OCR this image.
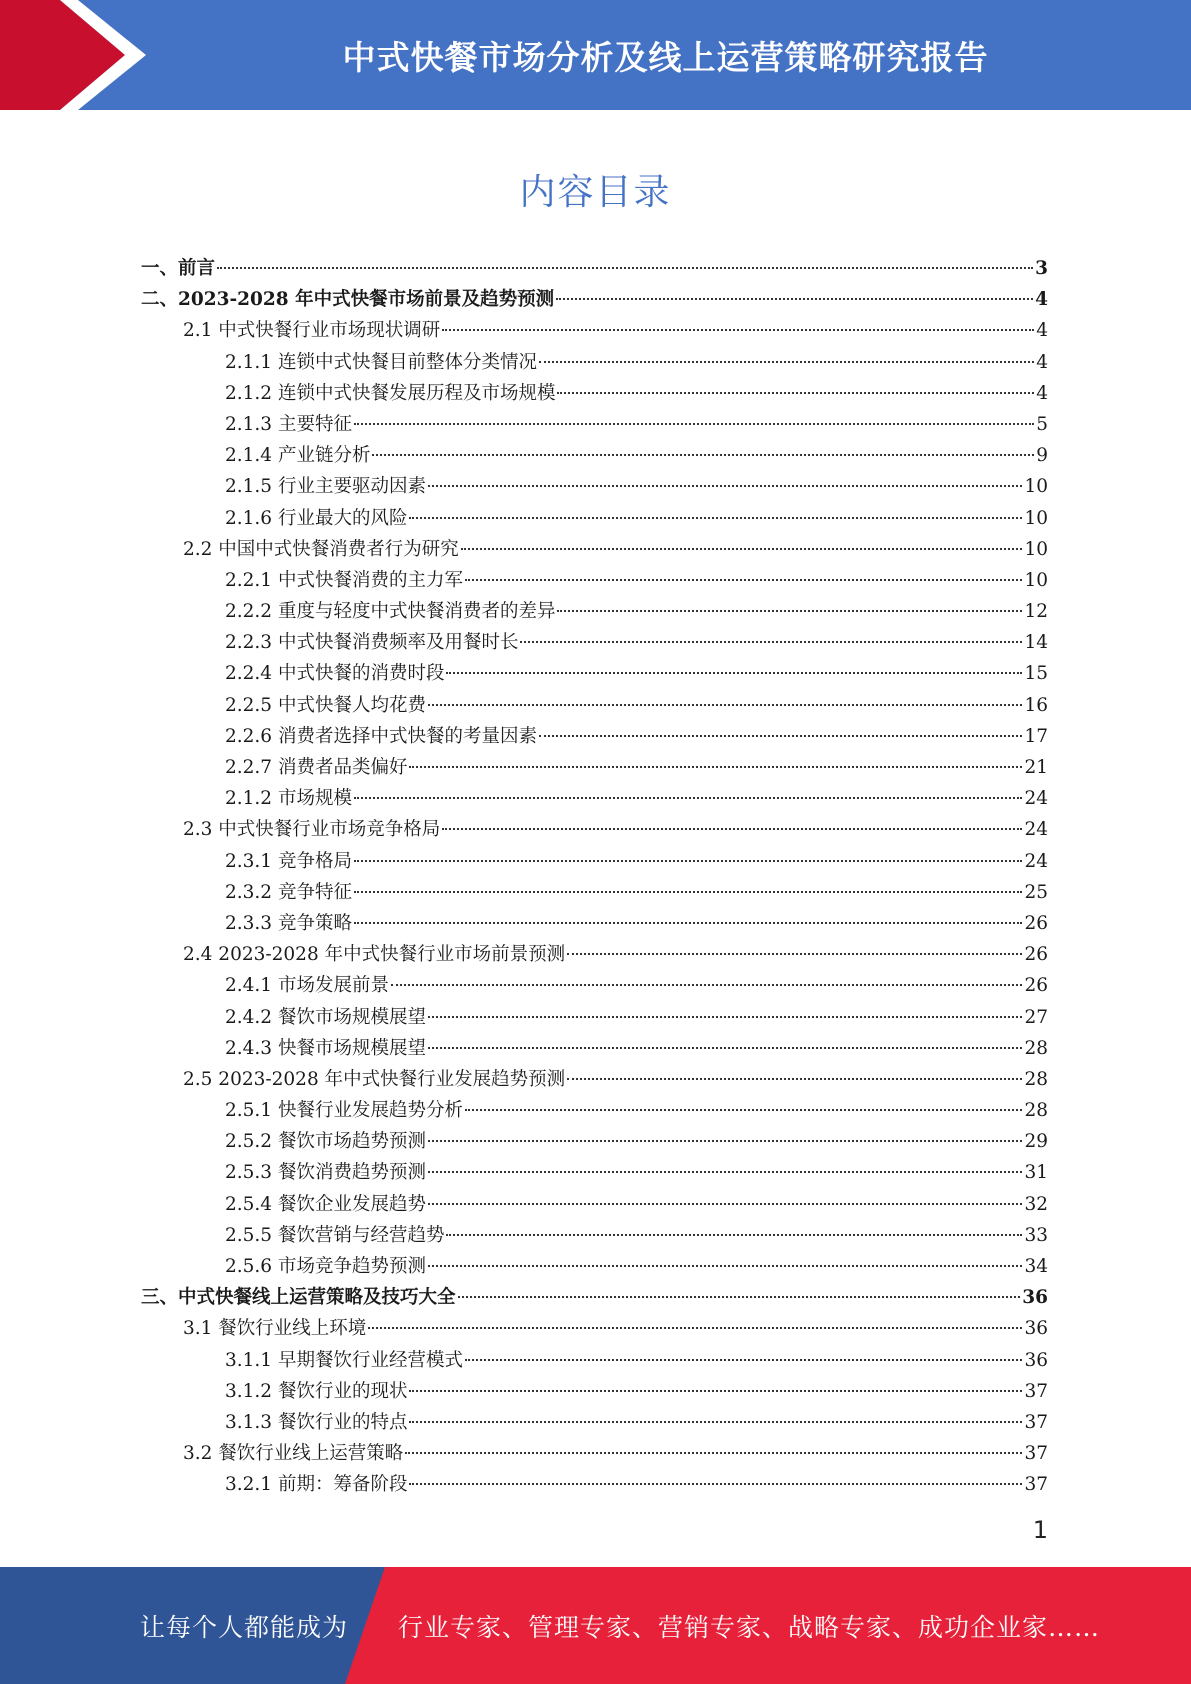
中式快餐市场分析及线上运营策略研究报告
内容目录
一、前言	3
二、2023-2028 年中式快餐市场前景及趋势预测	4
2.1 中式快餐行业市场现状调研	4
2.1.1 连锁中式快餐目前整体分类情况	4
2.1.2 连锁中式快餐发展历程及市场规模	4
2.1.3 主要特征	5
2.1.4 产业链分析	9
2.1.5 行业主要驱动因素	10
2.1.6 行业最大的风险	10
2.2 中国中式快餐消费者行为研究	10
2.2.1 中式快餐消费的主力军	10
2.2.2 重度与轻度中式快餐消费者的差异	12
2.2.3 中式快餐消费频率及用餐时长	14
2.2.4 中式快餐的消费时段	15
2.2.5 中式快餐人均花费	16
2.2.6 消费者选择中式快餐的考量因素	17
2.2.7 消费者品类偏好	21
2.1.2 市场规模	24
2.3 中式快餐行业市场竞争格局	24
2.3.1 竞争格局	24
2.3.2 竞争特征	25
2.3.3 竞争策略	26
2.4 2023-2028 年中式快餐行业市场前景预测	26
2.4.1 市场发展前景	26
2.4.2 餐饮市场规模展望	27
2.4.3 快餐市场规模展望	28
2.5 2023-2028 年中式快餐行业发展趋势预测	28
2.5.1 快餐行业发展趋势分析	28
2.5.2 餐饮市场趋势预测	29
2.5.3 餐饮消费趋势预测	31
2.5.4 餐饮企业发展趋势	32
2.5.5 餐饮营销与经营趋势	33
2.5.6 市场竞争趋势预测	34
三、中式快餐线上运营策略及技巧大全	36
3.1 餐饮行业线上环境	36
3.1.1 早期餐饮行业经营模式	36
3.1.2 餐饮行业的现状	37
3.1.3 餐饮行业的特点	37
3.2 餐饮行业线上运营策略	37
3.2.1 前期：筹备阶段	37
1
让每个人都能成为 行业专家、管理专家、营销专家、战略专家、成功企业家……
